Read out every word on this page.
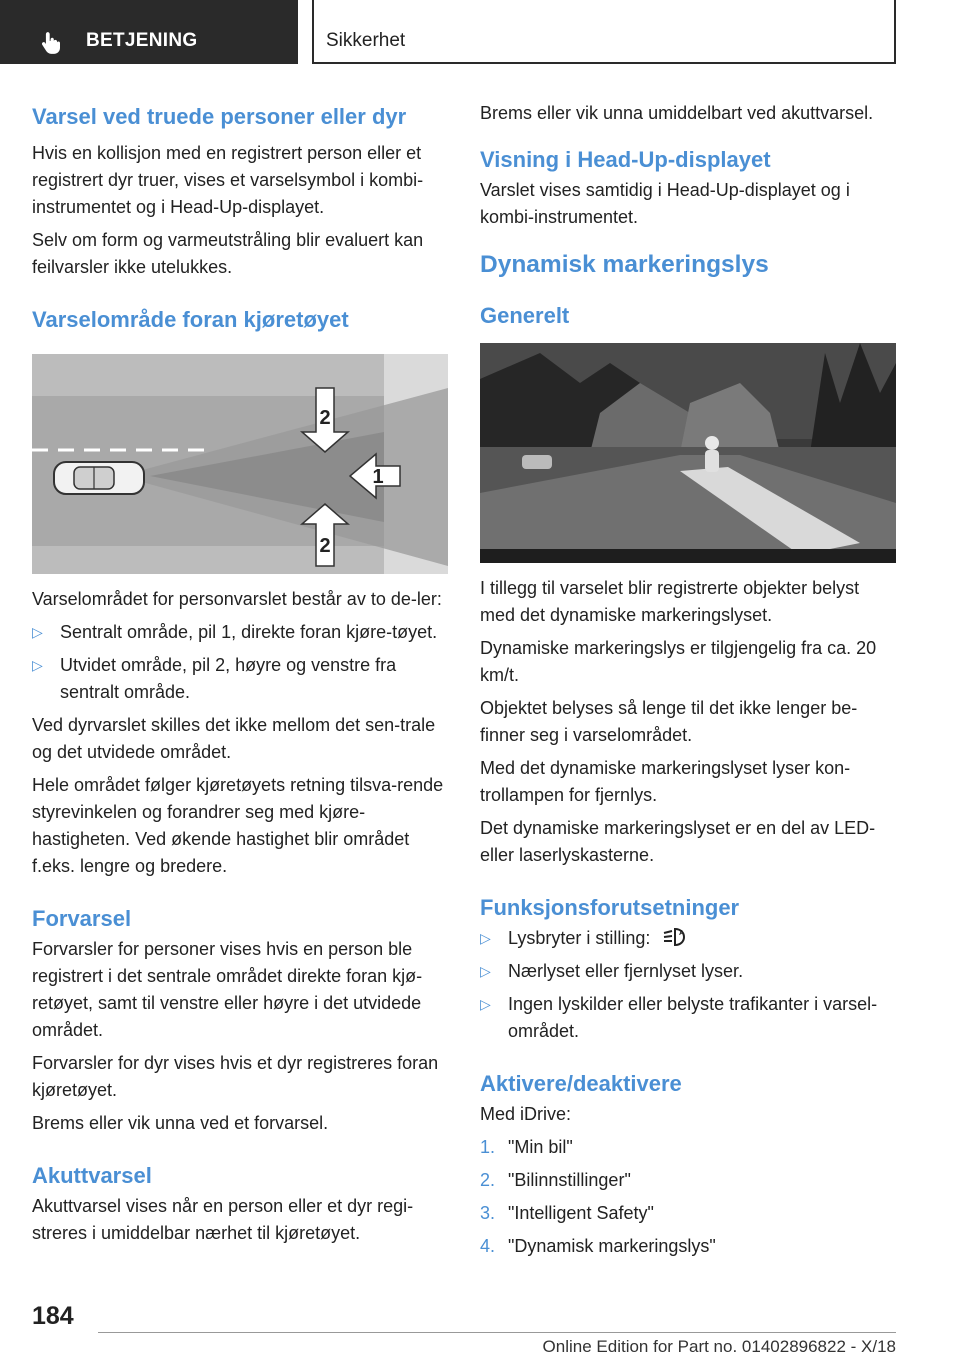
BETJENING	Sikkerhet
Varsel ved truede personer eller dyr

Hvis en kollisjon med en registrert person eller et registrert dyr truer, vises et varselsymbol i kombi-instrumentet og i Head-Up-displayet.

Selv om form og varmeutstråling blir evaluert kan feilvarsler ikke utelukkes.

Varselområde foran kjøretøyet
2
1
2

Varselområdet for personvarslet består av to de-ler:

▷ Sentralt område, pil 1, direkte foran kjøre-tøyet.
▷ Utvidet område, pil 2, høyre og venstre fra sentralt område.

Ved dyrvarslet skilles det ikke mellom det sen-trale og det utvidede området.

Hele området følger kjøretøyets retning tilsva-rende styrevinkelen og forandrer seg med kjøre-hastigheten. Ved økende hastighet blir området f.eks. lengre og bredere.

Forvarsel

Forvarsler for personer vises hvis en person ble registrert i det sentrale området direkte foran kjø-retøyet, samt til venstre eller høyre i det utvidede området.

Forvarsler for dyr vises hvis et dyr registreres foran kjøretøyet.

Brems eller vik unna ved et forvarsel.

Akuttvarsel

Akuttvarsel vises når en person eller et dyr regi-streres i umiddelbar nærhet til kjøretøyet.

Brems eller vik unna umiddelbart ved akuttvarsel.

Visning i Head-Up-displayet

Varslet vises samtidig i Head-Up-displayet og i kombi-instrumentet.

Dynamisk markeringslys
Generelt

I tillegg til varselet blir registrerte objekter belyst med det dynamiske markeringslyset.

Dynamiske markeringslys er tilgjengelig fra ca. 20 km/t.

Objektet belyses så lenge til det ikke lenger be-finner seg i varselområdet.

Med det dynamiske markeringslyset lyser kon-trollampen for fjernlys.

Det dynamiske markeringslyset er en del av LED- eller laserlyskasterne.

Funksjonsforutsetninger
▷ Lysbryter i stilling:	A
▷ Nærlyset eller fjernlyset lyser.
▷ Ingen lyskilder eller belyste trafikanter i varsel-området.
Aktivere/deaktivere

Med iDrive:

1. "Min bil"
2. "Bilinnstillinger"
3. "Intelligent Safety"
4. "Dynamisk markeringslys"
184
Online Edition for Part no. 01402896822 - X/18
